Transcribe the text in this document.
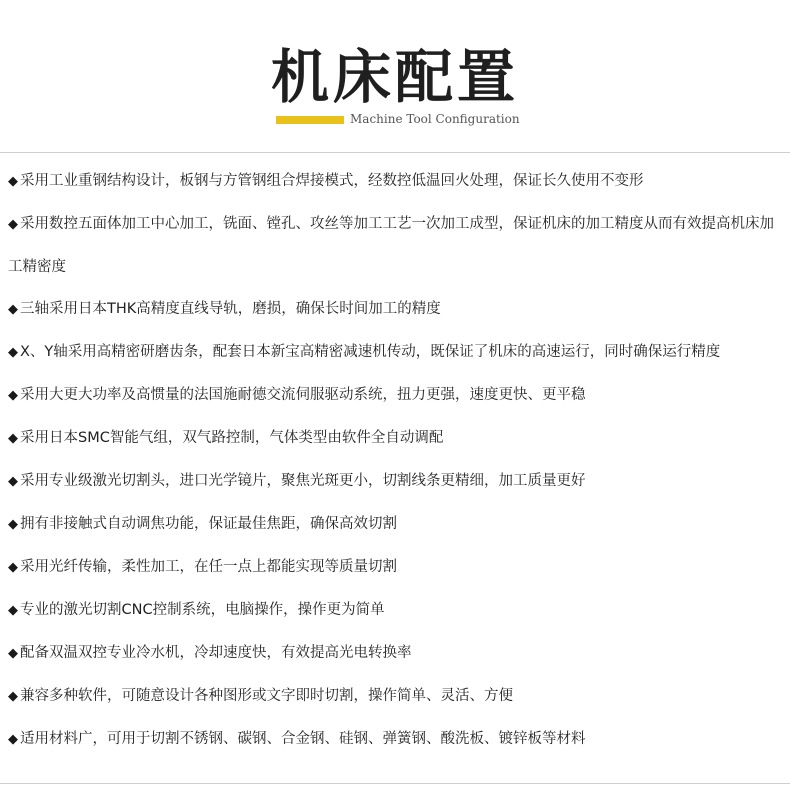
机床配置
Machine Tool Configuration
◆ 采用工业重钢结构设计，板钢与方管钢组合焊接模式，经数控低温回火处理，保证长久使用不变形
◆ 采用数控五面体加工中心加工，铣面、镗孔、攻丝等加工工艺一次加工成型，保证机床的加工精度从而有效提高机床加工精密度
◆ 三轴采用日本THK高精度直线导轨，磨损，确保长时间加工的精度
◆ X、Y轴采用高精密研磨齿条，配套日本新宝高精密减速机传动，既保证了机床的高速运行，同时确保运行精度
◆ 采用大更大功率及高惯量的法国施耐德交流伺服驱动系统，扭力更强，速度更快、更平稳
◆ 采用日本SMC智能气组，双气路控制，气体类型由软件全自动调配
◆ 采用专业级激光切割头，进口光学镜片，聚焦光斑更小，切割线条更精细，加工质量更好
◆ 拥有非接触式自动调焦功能，保证最佳焦距，确保高效切割
◆ 采用光纤传输，柔性加工，在任一点上都能实现等质量切割
◆ 专业的激光切割CNC控制系统，电脑操作，操作更为简单
◆ 配备双温双控专业冷水机，冷却速度快，有效提高光电转换率
◆ 兼容多种软件，可随意设计各种图形或文字即时切割，操作简单、灵活、方便
◆ 适用材料广，可用于切割不锈钢、碳钢、合金钢、硅钢、弹簧钢、酸洗板、镀锌板等材料
